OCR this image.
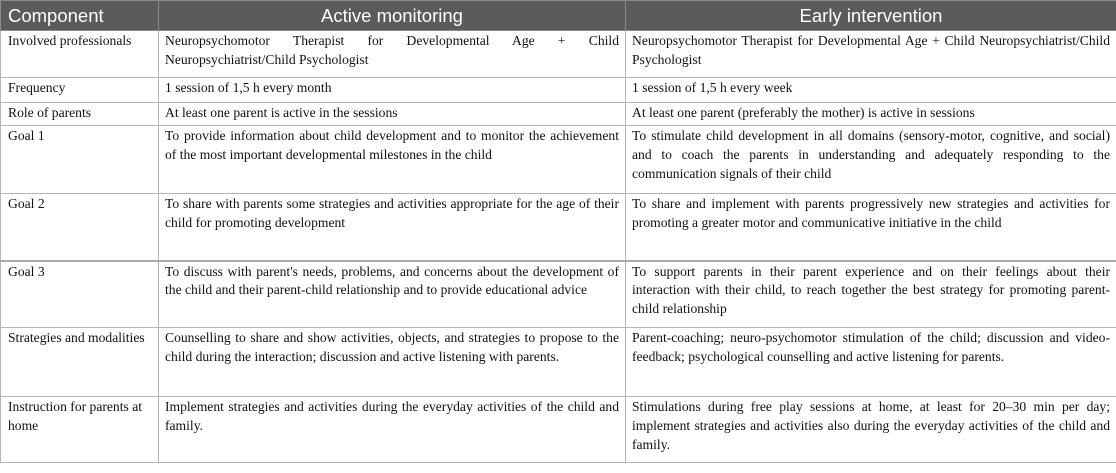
Component	Active monitoring	Early intervention
Involved professionals	Neuropsychomotor Therapist for Developmental Age + Child Neuropsychiatrist/Child Psychologist	Neuropsychomotor Therapist for Developmental Age + Child Neuropsychiatrist/Child Psychologist
Frequency	1 session of 1,5 h every month	1 session of 1,5 h every week
Role of parents	At least one parent is active in the sessions	At least one parent (preferably the mother) is active in sessions
Goal 1	To provide information about child development and to monitor the achievement of the most important developmental milestones in the child	To stimulate child development in all domains (sensory-motor, cognitive, and social) and to coach the parents in understanding and adequately responding to the communication signals of their child
Goal 2	To share with parents some strategies and activities appropriate for the age of their child for promoting development	To share and implement with parents progressively new strategies and activities for promoting a greater motor and communicative initiative in the child
Goal 3	To discuss with parent's needs, problems, and concerns about the development of the child and their parent-child relationship and to provide educational advice	To support parents in their parent experience and on their feelings about their interaction with their child, to reach together the best strategy for promoting parent-child relationship
Strategies and modalities	Counselling to share and show activities, objects, and strategies to propose to the child during the interaction; discussion and active listening with parents.	Parent-coaching; neuro-psychomotor stimulation of the child; discussion and video-feedback; psychological counselling and active listening for parents.
Instruction for parents at home	Implement strategies and activities during the everyday activities of the child and family.	Stimulations during free play sessions at home, at least for 20–30 min per day; implement strategies and activities also during the everyday activities of the child and family.
